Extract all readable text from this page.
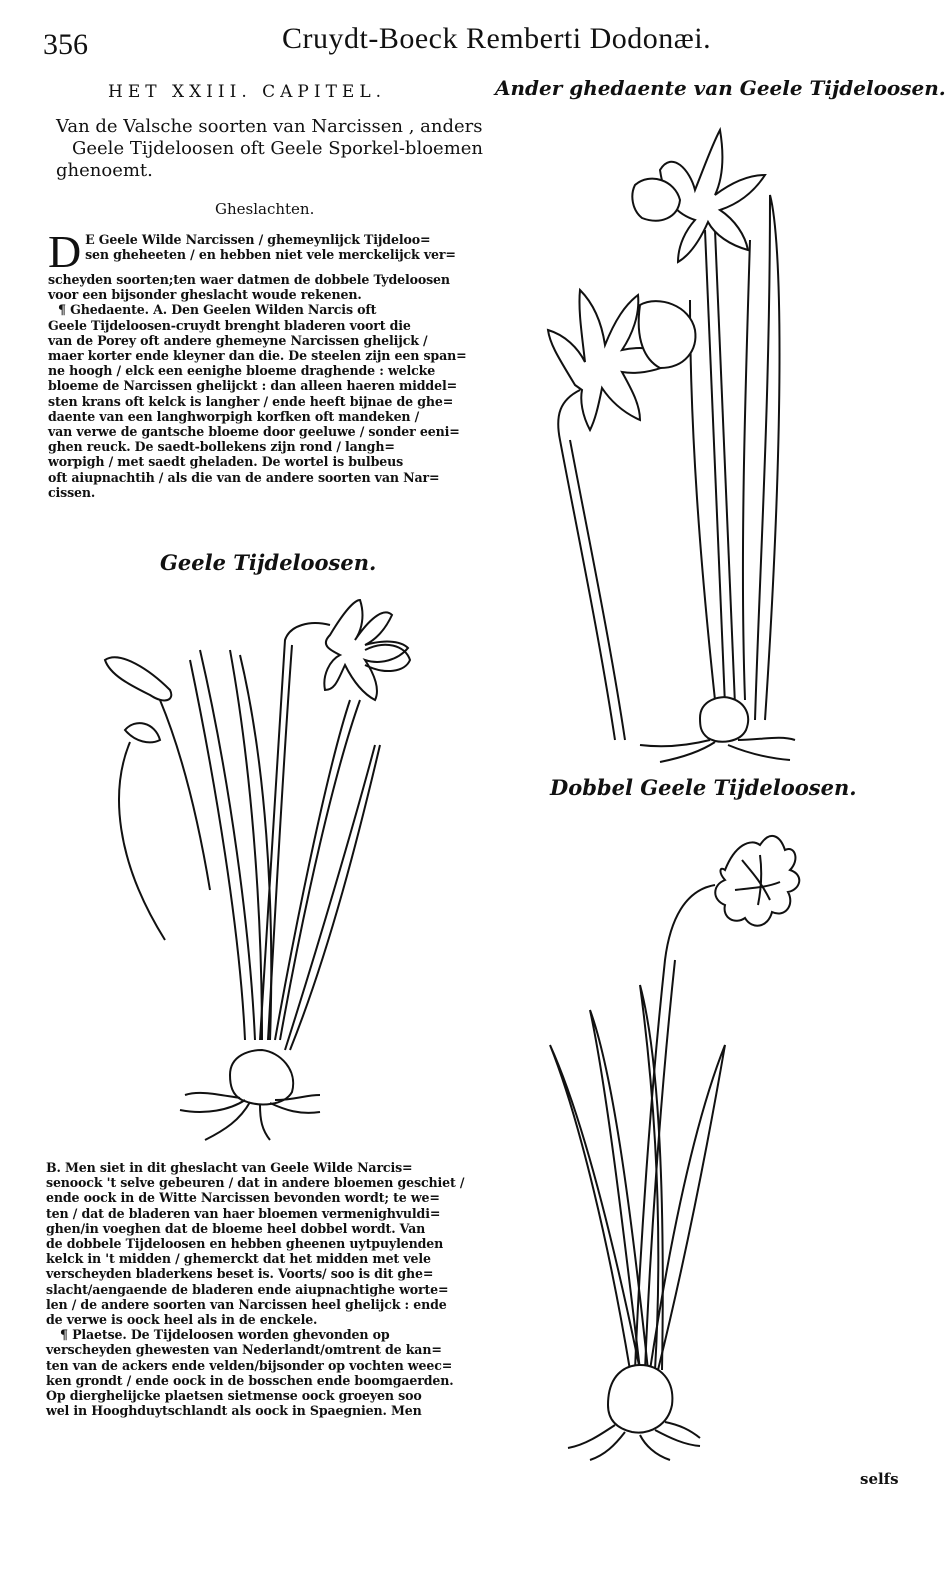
356	Cruydt-Boeck Remberti Dodonæi.
HET XXIII. CAPITEL.
Van de Valsche soorten van Narcissen , anders
Geele Tijdeloosen oft Geele Sporkel-bloemen
ghenoemt.
Gheslachten.
D E Geele Wilde Narcissen / ghemeynlijck Tijdeloo=
sen gheheeten / en hebben niet vele merckelijck ver=
scheyden soorten;ten waer datmen de dobbele Tydeloosen
voor een bijsonder gheslacht woude rekenen.
¶ Ghedaente. A. Den Geelen Wilden Narcis oft
Geele Tijdeloosen-cruydt brenght bladeren voort die
van de Porey oft andere ghemeyne Narcissen ghelijck /
maer korter ende kleyner dan die. De steelen zijn een span=
ne hoogh / elck een eenighe bloeme draghende : welcke
bloeme de Narcissen ghelijckt : dan alleen haeren middel=
sten krans oft kelck is langher / ende heeft bijnae de ghe=
daente van een langhworpigh korfken oft mandeken /
van verwe de gantsche bloeme door geeluwe / sonder eeni=
ghen reuck. De saedt-bollekens zijn rond / langh=
worpigh / met saedt gheladen. De wortel is bulbeus
oft aiupnachtih / als die van de andere soorten van Nar=
cissen.
Geele Tijdeloosen.
Ander ghedaente van Geele Tijdeloosen.
Dobbel Geele Tijdeloosen.
B. Men siet in dit gheslacht van Geele Wilde Narcis=
senoock 't selve gebeuren / dat in andere bloemen geschiet /
ende oock in de Witte Narcissen bevonden wordt; te we=
ten / dat de bladeren van haer bloemen vermenighvuldi=
ghen/in voeghen dat de bloeme heel dobbel wordt. Van
de dobbele Tijdeloosen en hebben gheenen uytpuylenden
kelck in 't midden / ghemerckt dat het midden met vele
verscheyden bladerkens beset is. Voorts/ soo is dit ghe=
slacht/aengaende de bladeren ende aiupnachtighe worte=
len / de andere soorten van Narcissen heel ghelijck : ende
de verwe is oock heel als in de enckele.
¶ Plaetse. De Tijdeloosen worden ghevonden op
verscheyden ghewesten van Nederlandt/omtrent de kan=
ten van de ackers ende velden/bijsonder op vochten weec=
ken grondt / ende oock in de bosschen ende boomgaerden.
Op dierghelijcke plaetsen sietmense oock groeyen soo
wel in Hooghduytschlandt als oock in Spaegnien. Men
selfs
